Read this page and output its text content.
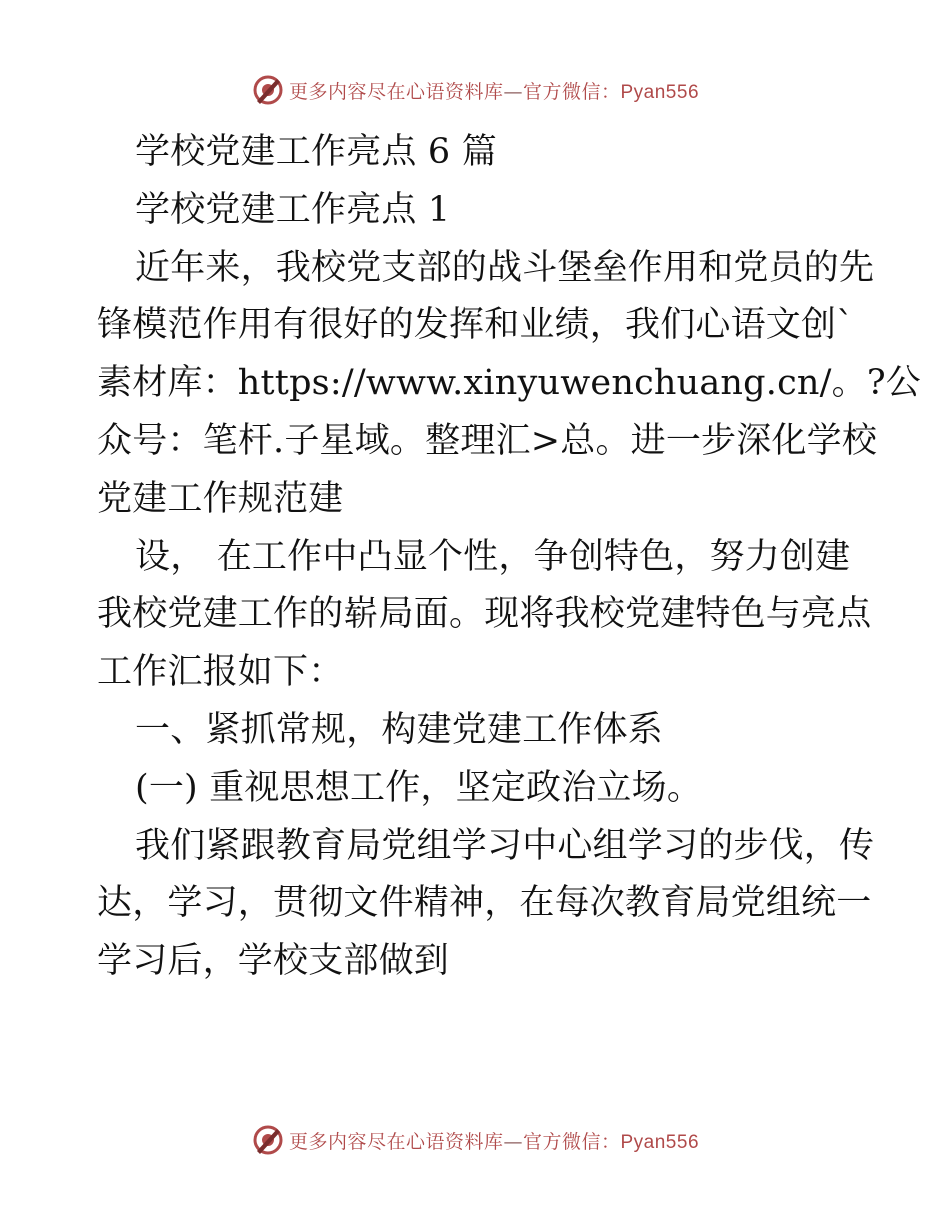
更多内容尽在心语资料库—官方微信：Pyan556
学校党建工作亮点 6 篇
学校党建工作亮点 1
近年来，我校党支部的战斗堡垒作用和党员的先
锋模范作用有很好的发挥和业绩，我们心语文创`
素材库：https://www.xinyuwenchuang.cn/。?公
众号：笔杆.子星域。整理汇>总。进一步深化学校
党建工作规范建
设， 在工作中凸显个性，争创特色，努力创建
我校党建工作的崭局面。现将我校党建特色与亮点
工作汇报如下：
一、紧抓常规，构建党建工作体系
(一) 重视思想工作，坚定政治立场。
我们紧跟教育局党组学习中心组学习的步伐，传
达，学习，贯彻文件精神，在每次教育局党组统一
学习后，学校支部做到
更多内容尽在心语资料库—官方微信：Pyan556
